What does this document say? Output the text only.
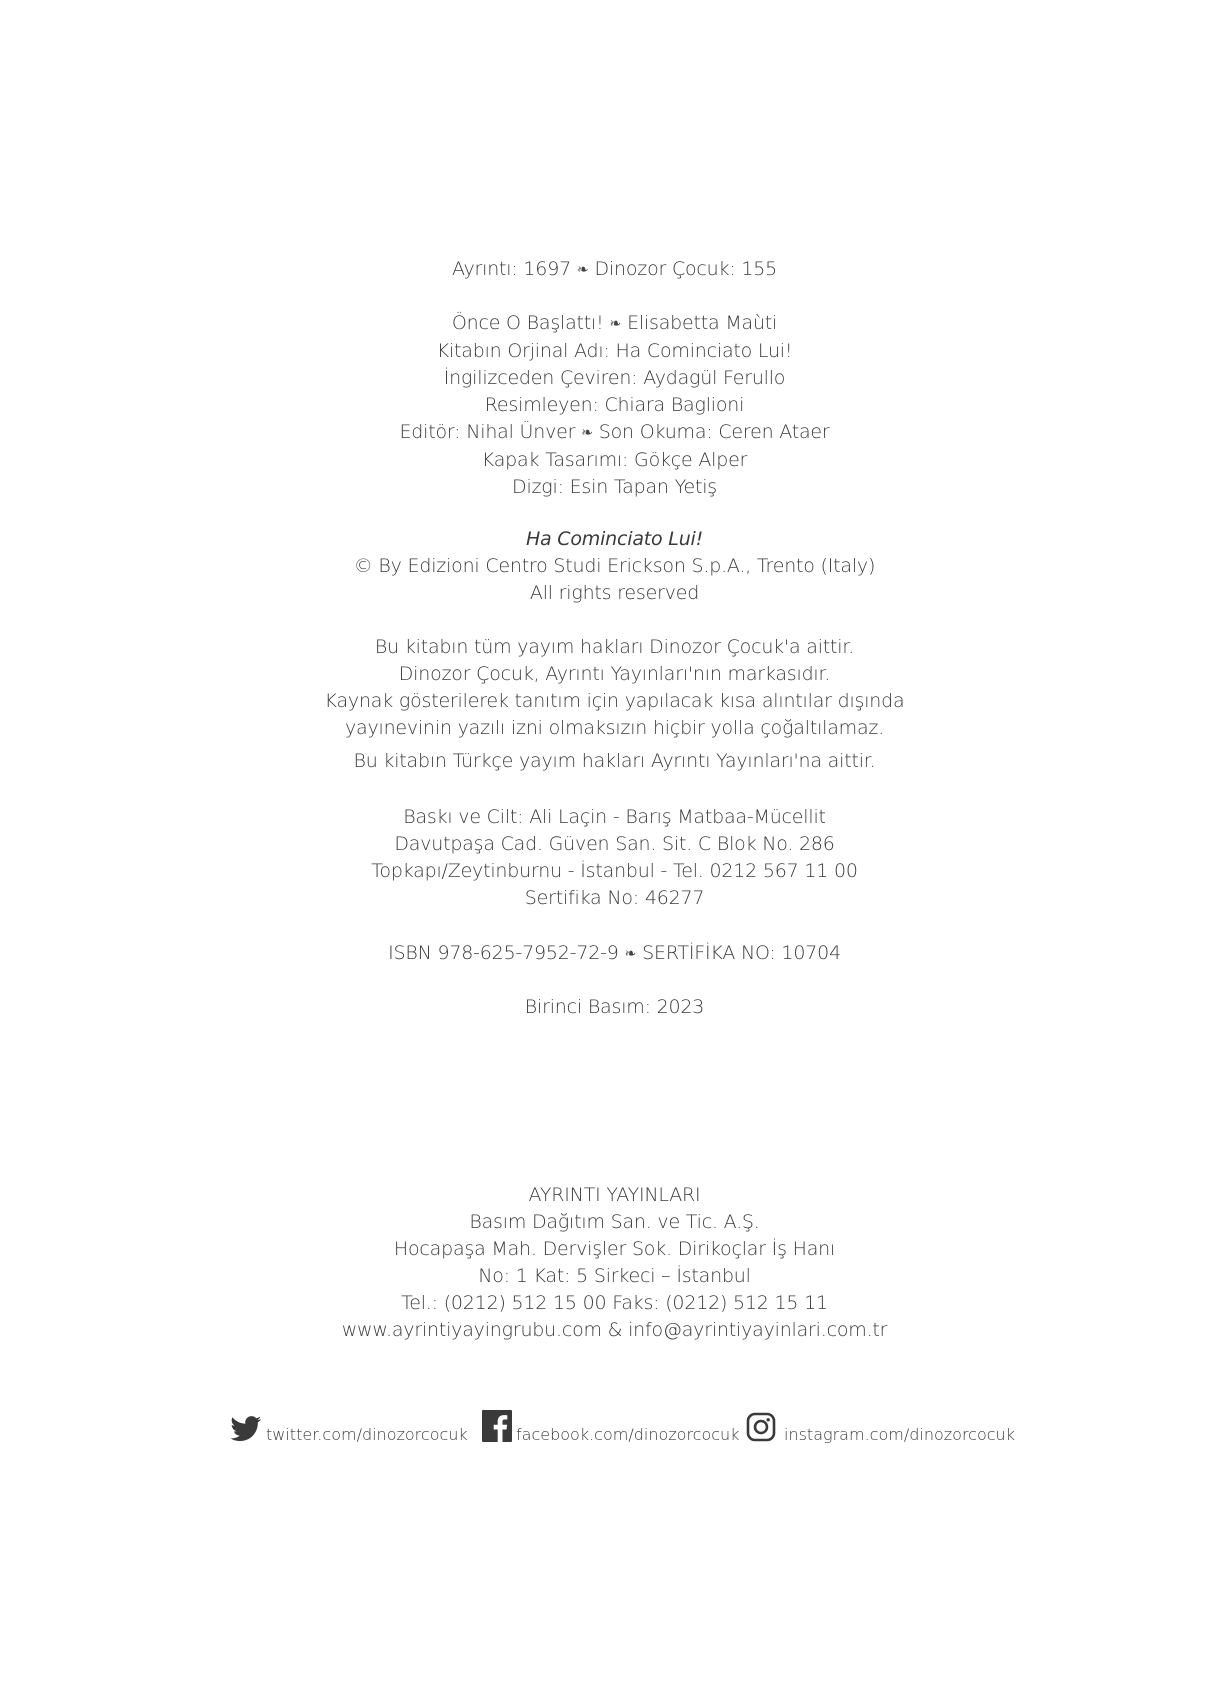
Ayrıntı: 1697 ❧ Dinozor Çocuk: 155
Önce O Başlattı! ❧ Elisabetta Maùti
Kitabın Orjinal Adı: Ha Cominciato Lui!
İngilizceden Çeviren: Aydagül Ferullo
Resimleyen: Chiara Baglioni
Editör: Nihal Ünver ❧ Son Okuma: Ceren Ataer
Kapak Tasarımı: Gökçe Alper
Dizgi: Esin Tapan Yetiş
Ha Cominciato Lui!
© By Edizioni Centro Studi Erickson S.p.A., Trento (Italy)
All rights reserved
Bu kitabın tüm yayım hakları Dinozor Çocuk'a aittir.
Dinozor Çocuk, Ayrıntı Yayınları'nın markasıdır.
Kaynak gösterilerek tanıtım için yapılacak kısa alıntılar dışında
yayınevinin yazılı izni olmaksızın hiçbir yolla çoğaltılamaz.
Bu kitabın Türkçe yayım hakları Ayrıntı Yayınları'na aittir.
Baskı ve Cilt: Ali Laçin - Barış Matbaa-Mücellit
Davutpaşa Cad. Güven San. Sit. C Blok No. 286
Topkapı/Zeytinburnu - İstanbul - Tel. 0212 567 11 00
Sertifika No: 46277
ISBN 978-625-7952-72-9 ❧ SERTİFİKA NO: 10704
Birinci Basım: 2023
AYRINTI YAYINLARI
Basım Dağıtım San. ve Tic. A.Ş.
Hocapaşa Mah. Dervişler Sok. Dirikoçlar İş Hanı
No: 1 Kat: 5 Sirkeci – İstanbul
Tel.: (0212) 512 15 00 Faks: (0212) 512 15 11
www.ayrintiyayingrubu.com & info@ayrintiyayinlari.com.tr
twitter.com/dinozorcocuk	facebook.com/dinozorcocuk	instagram.com/dinozorcocuk
